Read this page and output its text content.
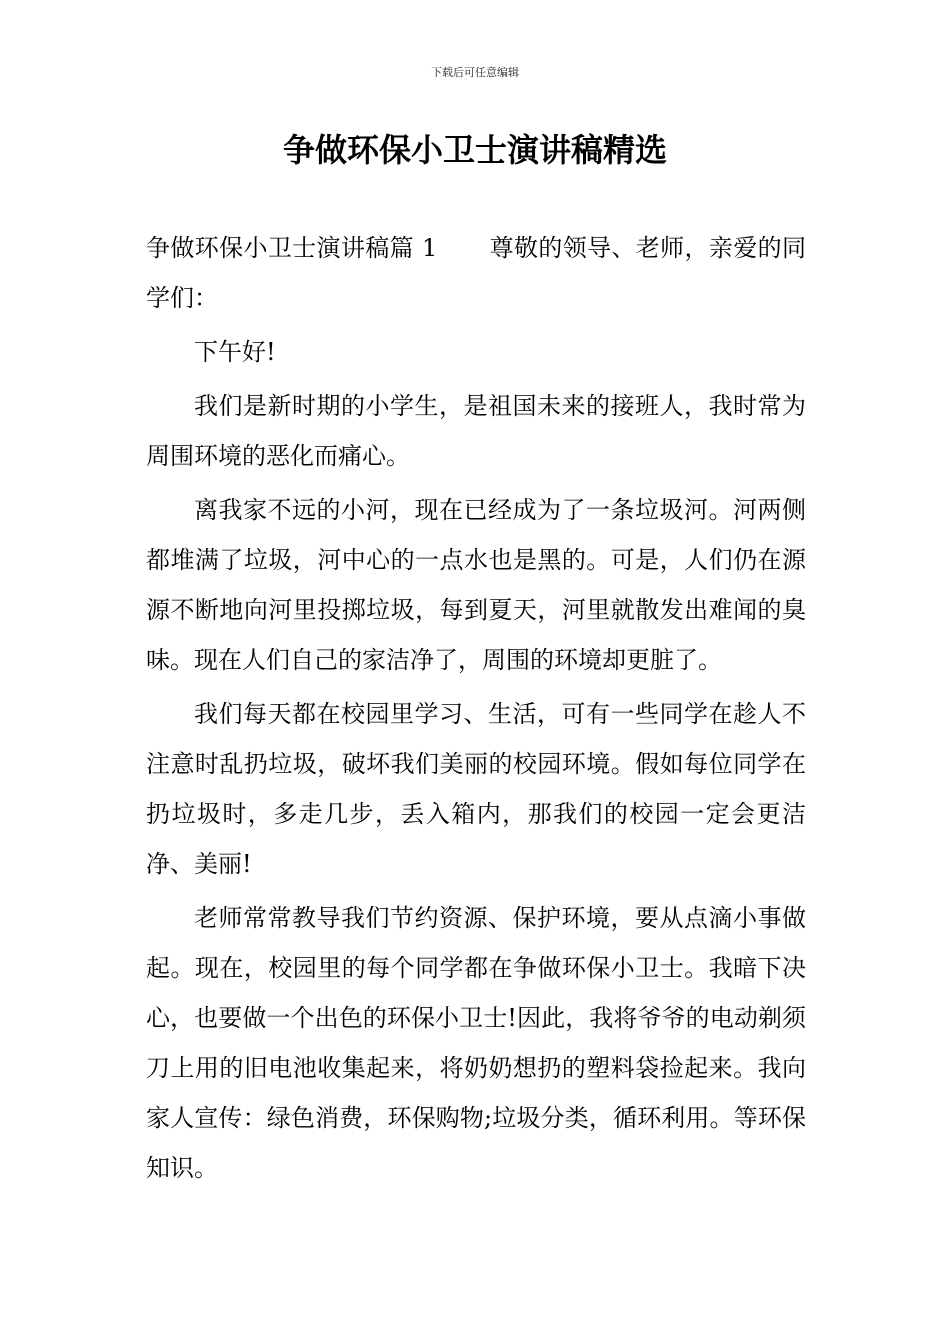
下载后可任意编辑
争做环保小卫士演讲稿精选

争做环保小卫士演讲稿篇 1 尊敬的领导、老师，亲爱的同学们：

下午好!

我们是新时期的小学生，是祖国未来的接班人，我时常为周围环境的恶化而痛心。

离我家不远的小河，现在已经成为了一条垃圾河。河两侧都堆满了垃圾，河中心的一点水也是黑的。可是，人们仍在源源不断地向河里投掷垃圾，每到夏天，河里就散发出难闻的臭味。现在人们自己的家洁净了，周围的环境却更脏了。

我们每天都在校园里学习、生活，可有一些同学在趁人不注意时乱扔垃圾，破坏我们美丽的校园环境。假如每位同学在扔垃圾时，多走几步，丢入箱内，那我们的校园一定会更洁净、美丽!

老师常常教导我们节约资源、保护环境，要从点滴小事做起。现在，校园里的每个同学都在争做环保小卫士。我暗下决心，也要做一个出色的环保小卫士!因此，我将爷爷的电动剃须刀上用的旧电池收集起来，将奶奶想扔的塑料袋捡起来。我向家人宣传：绿色消费，环保购物;垃圾分类，循环利用。等环保知识。
